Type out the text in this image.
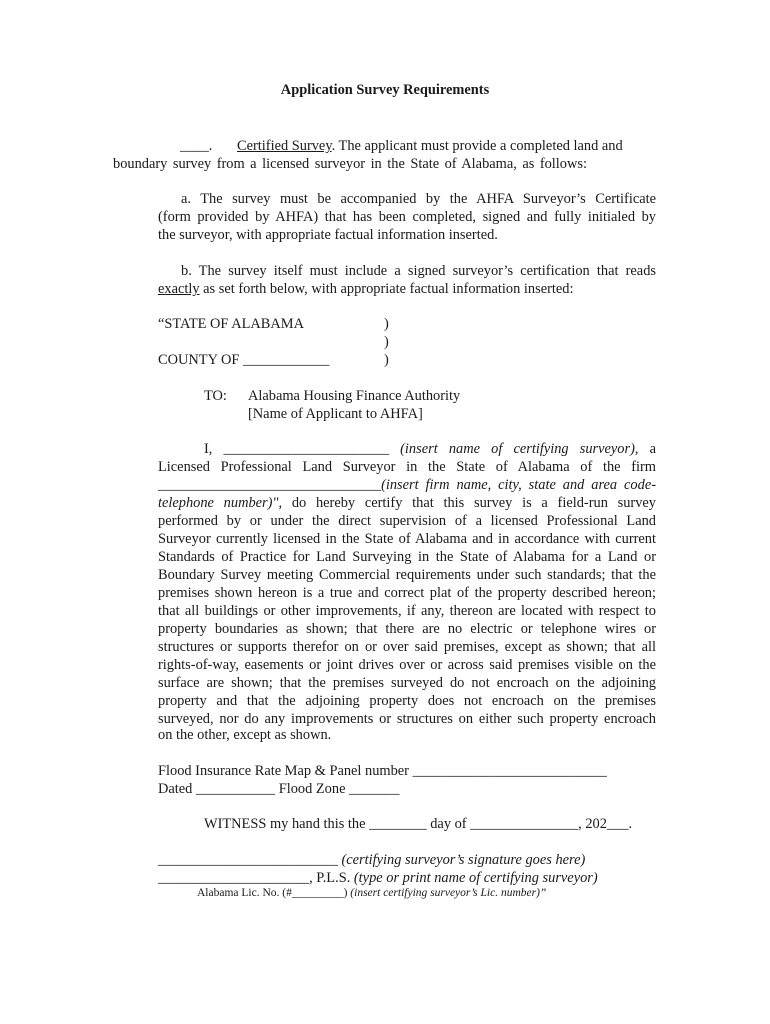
Application Survey Requirements
____. Certified Survey. The applicant must provide a completed land and
boundary survey from a licensed surveyor in the State of Alabama, as follows:
a. The survey must be accompanied by the AHFA Surveyor’s Certificate
(form provided by AHFA) that has been completed, signed and fully initialed by
the surveyor, with appropriate factual information inserted.
b. The survey itself must include a signed surveyor’s certification that reads
exactly as set forth below, with appropriate factual information inserted:
“STATE OF ALABAMA	)
)
COUNTY OF ____________	)
TO: Alabama Housing Finance Authority
[Name of Applicant to AHFA]
I, _______________________ (insert name of certifying surveyor), a
Licensed Professional Land Surveyor in the State of Alabama of the firm
_______________________________(insert firm name, city, state and area code-
telephone number)", do hereby certify that this survey is a field-run survey
performed by or under the direct supervision of a licensed Professional Land
Surveyor currently licensed in the State of Alabama and in accordance with current
Standards of Practice for Land Surveying in the State of Alabama for a Land or
Boundary Survey meeting Commercial requirements under such standards; that the
premises shown hereon is a true and correct plat of the property described hereon;
that all buildings or other improvements, if any, thereon are located with respect to
property boundaries as shown; that there are no electric or telephone wires or
structures or supports therefor on or over said premises, except as shown; that all
rights-of-way, easements or joint drives over or across said premises visible on the
surface are shown; that the premises surveyed do not encroach on the adjoining
property and that the adjoining property does not encroach on the premises
surveyed, nor do any improvements or structures on either such property encroach
on the other, except as shown.
Flood Insurance Rate Map & Panel number ___________________________
Dated ___________ Flood Zone _______
WITNESS my hand this the ________ day of _______________, 202___.
_________________________ (certifying surveyor’s signature goes here)
_____________________, P.L.S. (type or print name of certifying surveyor)
Alabama Lic. No. (#_________) (insert certifying surveyor’s Lic. number)”
